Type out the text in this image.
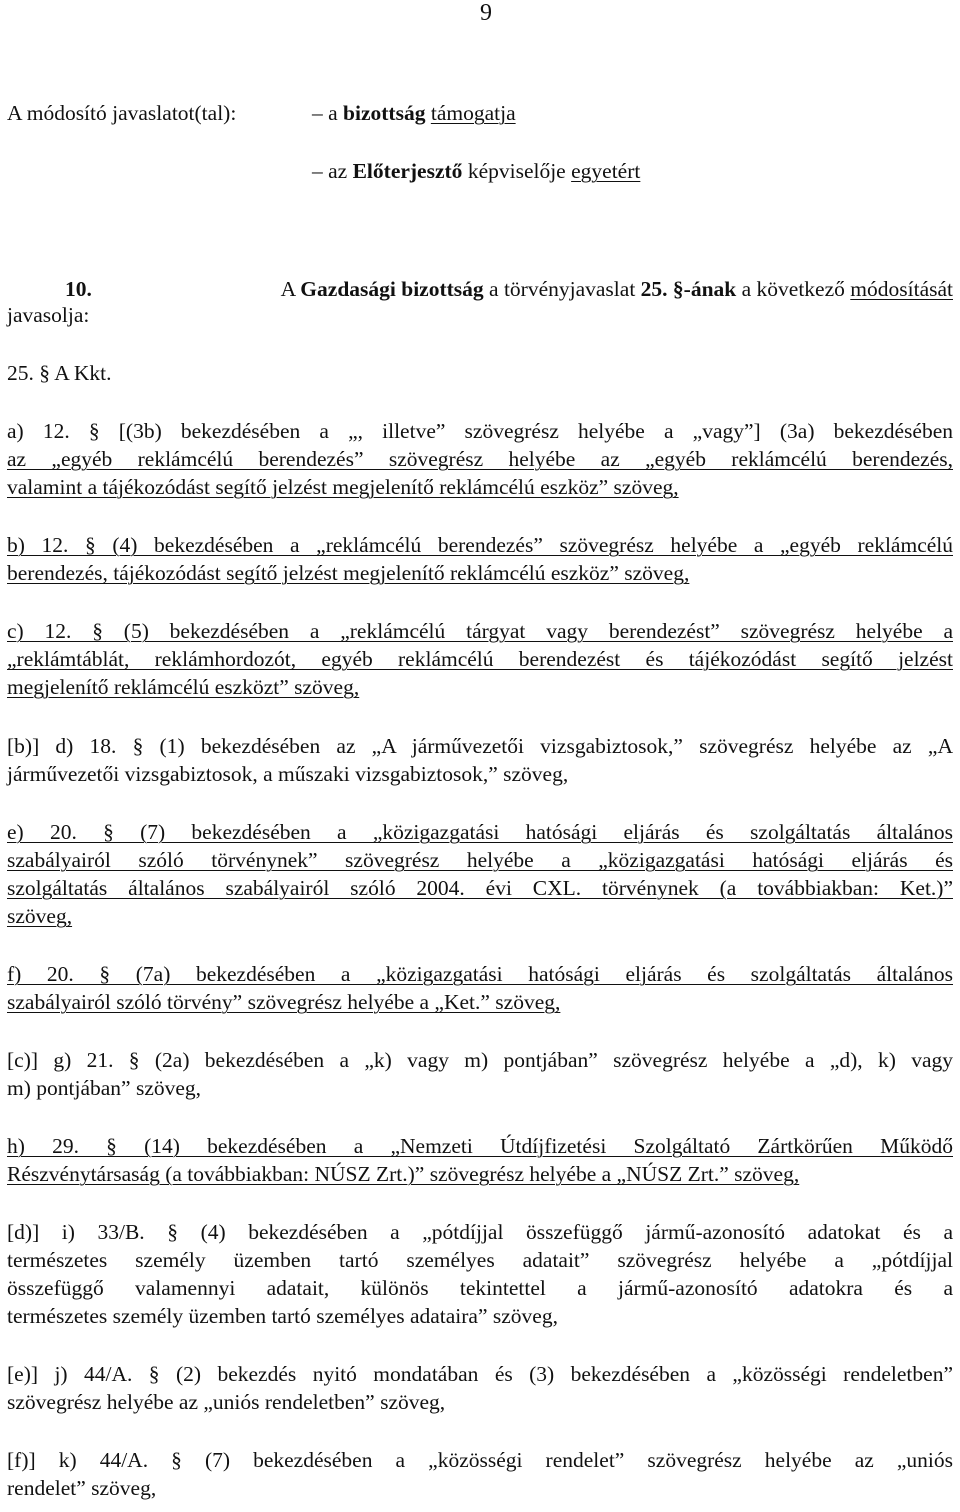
9
A módosító javaslatot(tal):	– a bizottság támogatja
– az Előterjesztő képviselője egyetért
10.	A Gazdasági bizottság a törvényjavaslat 25. §-ának a következő módosítását
javasolja:
25. § A Kkt.
a) 12. § [(3b) bekezdésében a „, illetve” szövegrész helyébe a „vagy”] (3a) bekezdésében
az „egyéb reklámcélú berendezés” szövegrész helyébe az „egyéb reklámcélú berendezés,
valamint a tájékozódást segítő jelzést megjelenítő reklámcélú eszköz” szöveg,
b) 12. § (4) bekezdésében a „reklámcélú berendezés” szövegrész helyébe a „egyéb reklámcélú
berendezés, tájékozódást segítő jelzést megjelenítő reklámcélú eszköz” szöveg,
c) 12. § (5) bekezdésében a „reklámcélú tárgyat vagy berendezést” szövegrész helyébe a
„reklámtáblát, reklámhordozót, egyéb reklámcélú berendezést és tájékozódást segítő jelzést
megjelenítő reklámcélú eszközt” szöveg,
[b)] d) 18. § (1) bekezdésében az „A járművezetői vizsgabiztosok,” szövegrész helyébe az „A
járművezetői vizsgabiztosok, a műszaki vizsgabiztosok,” szöveg,
e) 20. § (7) bekezdésében a „közigazgatási hatósági eljárás és szolgáltatás általános
szabályairól szóló törvénynek” szövegrész helyébe a „közigazgatási hatósági eljárás és
szolgáltatás általános szabályairól szóló 2004. évi CXL. törvénynek (a továbbiakban: Ket.)”
szöveg,
f) 20. § (7a) bekezdésében a „közigazgatási hatósági eljárás és szolgáltatás általános
szabályairól szóló törvény” szövegrész helyébe a „Ket.” szöveg,
[c)] g) 21. § (2a) bekezdésében a „k) vagy m) pontjában” szövegrész helyébe a „d), k) vagy
m) pontjában” szöveg,
h) 29. § (14) bekezdésében a „Nemzeti Útdíjfizetési Szolgáltató Zártkörűen Működő
Részvénytársaság (a továbbiakban: NÚSZ Zrt.)” szövegrész helyébe a „NÚSZ Zrt.” szöveg,
[d)] i) 33/B. § (4) bekezdésében a „pótdíjjal összefüggő jármű-azonosító adatokat és a
természetes személy üzemben tartó személyes adatait” szövegrész helyébe a „pótdíjjal
összefüggő valamennyi adatait, különös tekintettel a jármű-azonosító adatokra és a
természetes személy üzemben tartó személyes adataira” szöveg,
[e)] j) 44/A. § (2) bekezdés nyitó mondatában és (3) bekezdésében a „közösségi rendeletben”
szövegrész helyébe az „uniós rendeletben” szöveg,
[f)] k) 44/A. § (7) bekezdésében a „közösségi rendelet” szövegrész helyébe az „uniós
rendelet” szöveg,
